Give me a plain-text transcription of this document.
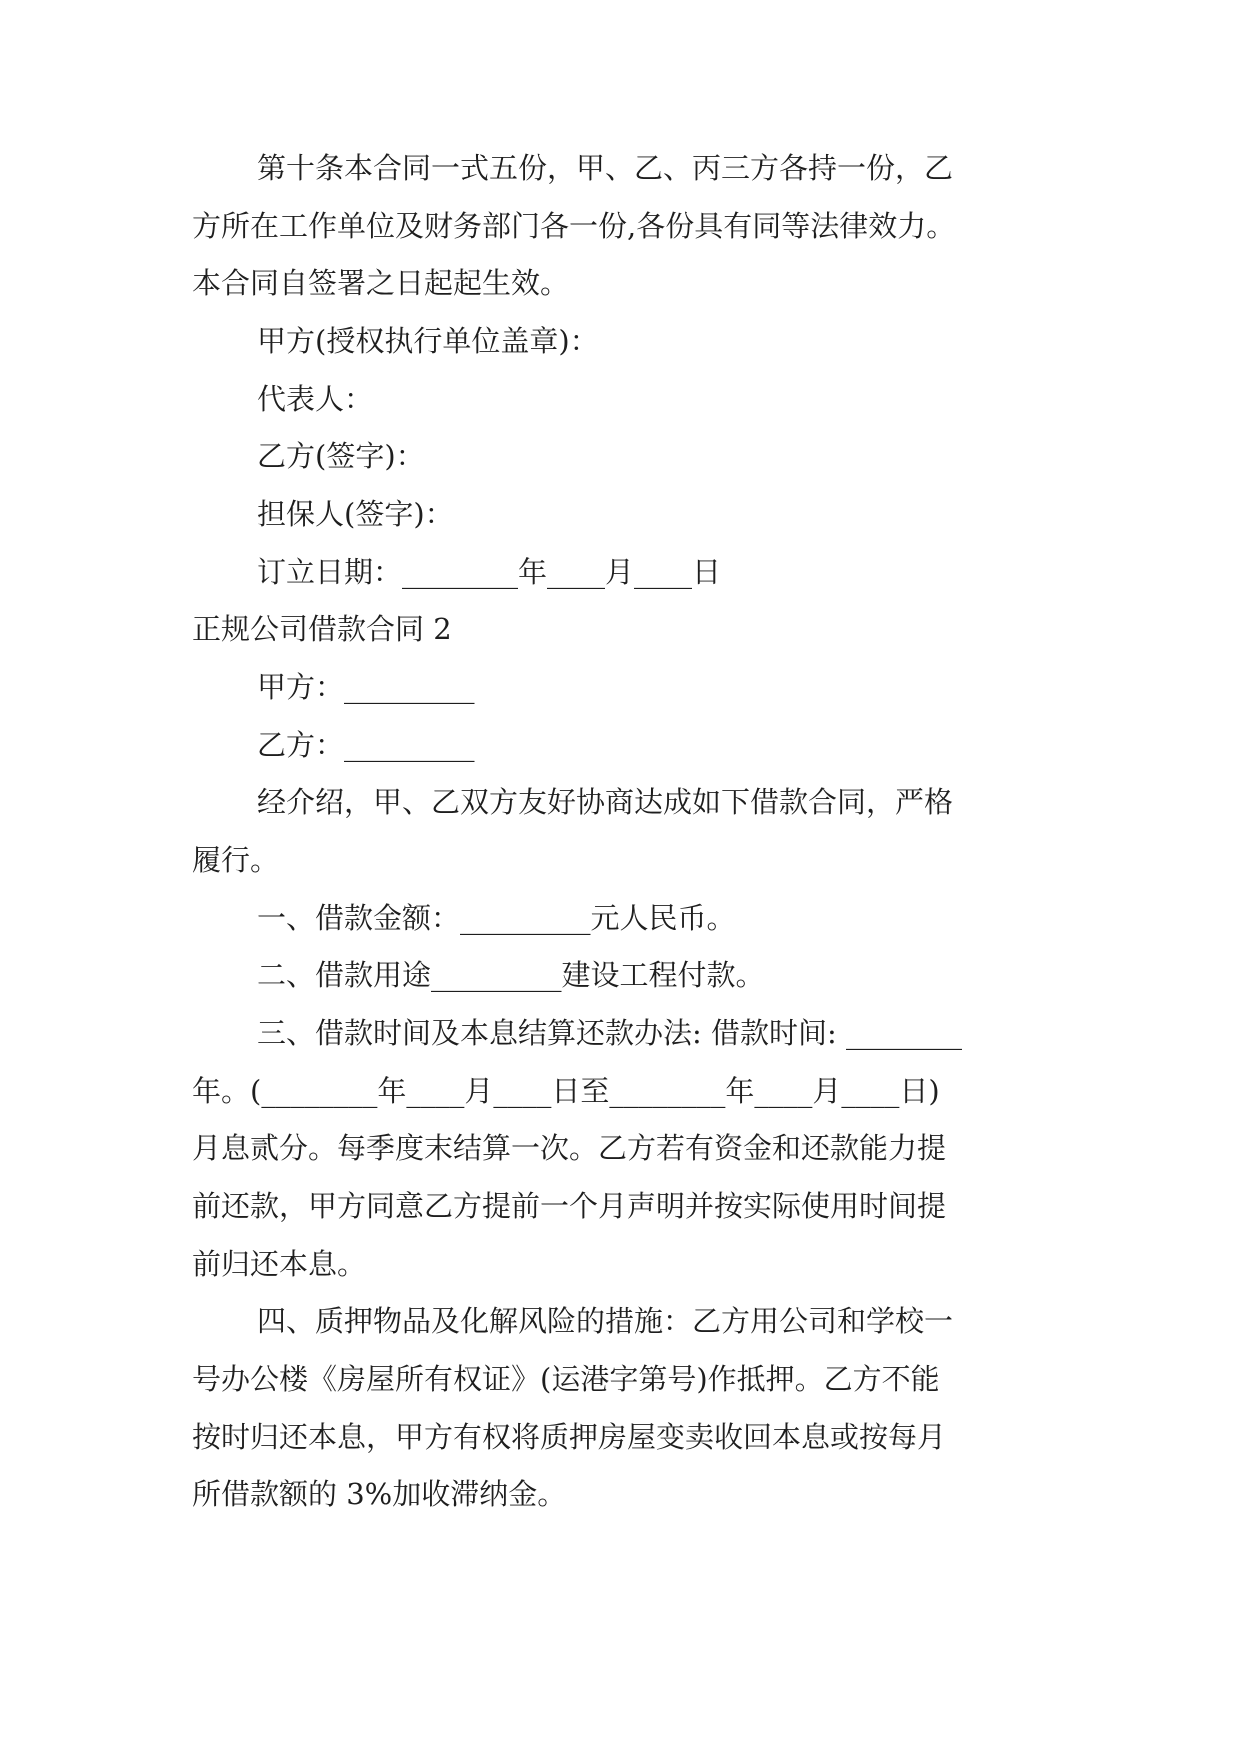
第十条本合同一式五份，甲、乙、丙三方各持一份，乙
方所在工作单位及财务部门各一份,各份具有同等法律效力。
本合同自签署之日起起生效。
甲方(授权执行单位盖章)：
代表人：
乙方(签字)：
担保人(签字)：
订立日期：________年____月____日
正规公司借款合同 2
甲方：_________
乙方：_________
经介绍，甲、乙双方友好协商达成如下借款合同，严格
履行。
一、借款金额：_________元人民币。
二、借款用途_________建设工程付款。
三、借款时间及本息结算还款办法: 借款时间: ________
年。(________年____月____日至________年____月____日)
月息贰分。每季度末结算一次。乙方若有资金和还款能力提
前还款，甲方同意乙方提前一个月声明并按实际使用时间提
前归还本息。
四、质押物品及化解风险的措施：乙方用公司和学校一
号办公楼《房屋所有权证》(运港字第号)作抵押。乙方不能
按时归还本息，甲方有权将质押房屋变卖收回本息或按每月
所借款额的 3%加收滞纳金。
